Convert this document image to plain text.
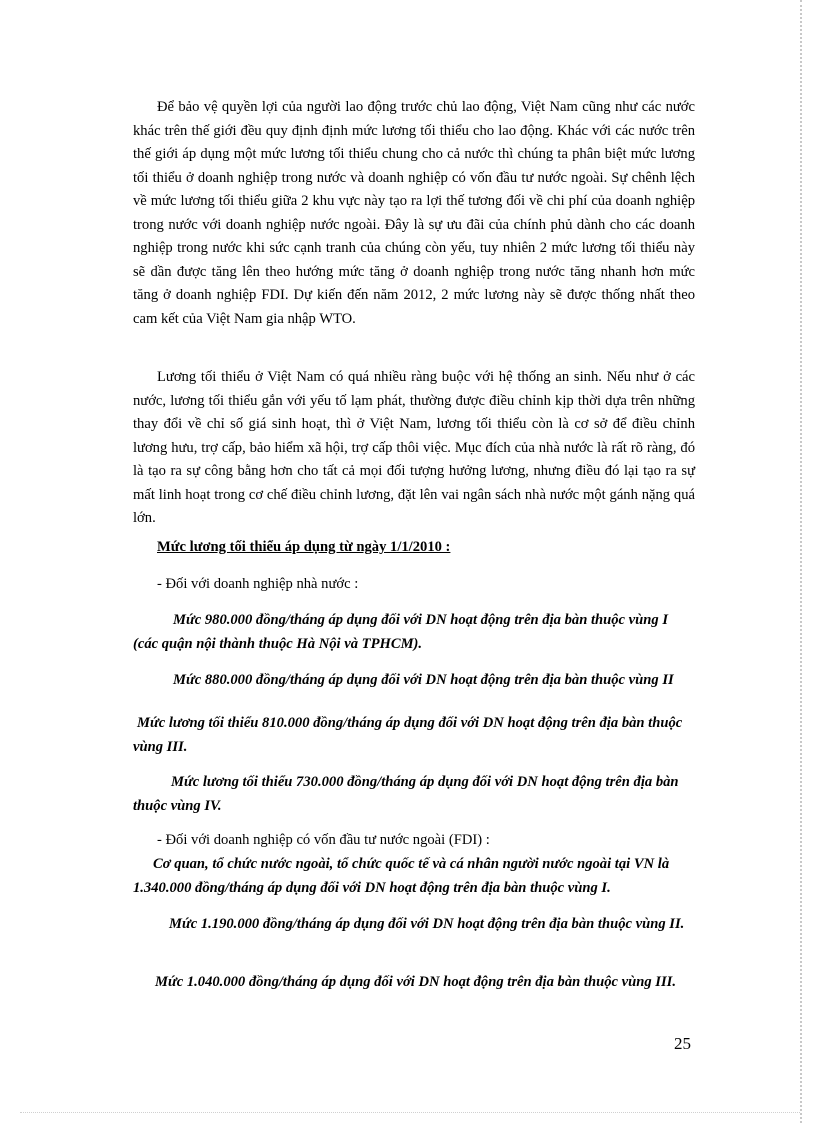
Để bảo vệ quyền lợi của người lao động trước chủ lao động, Việt Nam cũng như các nước khác trên thế giới đều quy định định mức lương tối thiểu cho lao động. Khác với các nước trên thế giới áp dụng một mức lương tối thiểu chung cho cả nước thì chúng ta phân biệt mức lương tối thiểu ở doanh nghiệp trong nước và doanh nghiệp có vốn đầu tư nước ngoài. Sự chênh lệch về mức lương tối thiểu giữa 2 khu vực này tạo ra lợi thế tương đối về chi phí của doanh nghiệp trong nước với doanh nghiệp nước ngoài. Đây là sự ưu đãi của chính phủ dành cho các doanh nghiệp trong nước khi sức cạnh tranh của chúng còn yếu, tuy nhiên 2 mức lương tối thiểu này sẽ dần được tăng lên theo hướng mức tăng ở doanh nghiệp trong nước tăng nhanh hơn mức tăng ở doanh nghiệp FDI. Dự kiến đến năm 2012, 2 mức lương này sẽ được thống nhất theo cam kết của Việt Nam gia nhập WTO.

Lương tối thiểu ở Việt Nam có quá nhiều ràng buộc với hệ thống an sinh. Nếu như ở các nước, lương tối thiểu gắn với yếu tố lạm phát, thường được điều chỉnh kịp thời dựa trên những thay đổi về chỉ số giá sinh hoạt, thì ở Việt Nam, lương tối thiểu còn là cơ sở để điều chỉnh lương hưu, trợ cấp, bảo hiểm xã hội, trợ cấp thôi việc. Mục đích của nhà nước là rất rõ ràng, đó là tạo ra sự công bằng hơn cho tất cả mọi đối tượng hưởng lương, nhưng điều đó lại tạo ra sự mất linh hoạt trong cơ chế điều chỉnh lương, đặt lên vai ngân sách nhà nước một gánh nặng quá lớn.

Mức lương tối thiểu áp dụng từ ngày 1/1/2010 :
- Đối với doanh nghiệp nhà nước :
Mức 980.000 đồng/tháng áp dụng đối với DN hoạt động trên địa bàn thuộc vùng I (các quận nội thành thuộc Hà Nội và TPHCM).
Mức 880.000 đồng/tháng áp dụng đối với DN hoạt động trên địa bàn thuộc vùng II
Mức lương tối thiểu 810.000 đồng/tháng áp dụng đối với DN hoạt động trên địa bàn thuộc vùng III.
Mức lương tối thiểu 730.000 đồng/tháng áp dụng đối với DN hoạt động trên địa bàn thuộc vùng IV.
- Đối với doanh nghiệp có vốn đầu tư nước ngoài (FDI) :
Cơ quan, tổ chức nước ngoài, tổ chức quốc tế và cá nhân người nước ngoài tại VN là 1.340.000 đồng/tháng áp dụng đối với DN hoạt động trên địa bàn thuộc vùng I.
Mức 1.190.000 đồng/tháng áp dụng đối với DN hoạt động trên địa bàn thuộc vùng II.
Mức 1.040.000 đồng/tháng áp dụng đối với DN hoạt động trên địa bàn thuộc vùng III.
25
